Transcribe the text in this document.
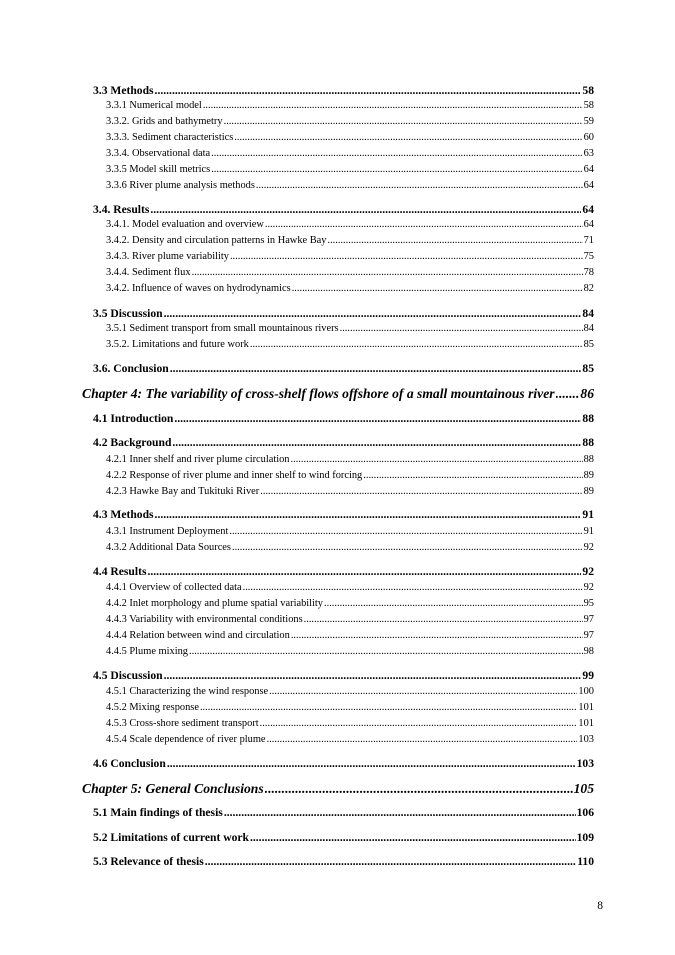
3.3 Methods .....	58
3.3.1 Numerical model .....	58
3.3.2. Grids and bathymetry .....	59
3.3.3. Sediment characteristics .....	60
3.3.4. Observational data .....	63
3.3.5 Model skill metrics .....	64
3.3.6 River plume analysis methods .....	64
3.4. Results .....	64
3.4.1. Model evaluation and overview .....	64
3.4.2. Density and circulation patterns in Hawke Bay .....	71
3.4.3. River plume variability .....	75
3.4.4. Sediment flux .....	78
3.4.2. Influence of waves on hydrodynamics .....	82
3.5 Discussion .....	84
3.5.1 Sediment transport from small mountainous rivers .....	84
3.5.2. Limitations and future work .....	85
3.6. Conclusion .....	85
Chapter 4: The variability of cross-shelf flows offshore of a small mountainous river ..... 86
4.1 Introduction .....	88
4.2 Background .....	88
4.2.1 Inner shelf and river plume circulation .....	88
4.2.2 Response of river plume and inner shelf to wind forcing .....	89
4.2.3 Hawke Bay and Tukituki River .....	89
4.3 Methods .....	91
4.3.1 Instrument Deployment .....	91
4.3.2 Additional Data Sources .....	92
4.4 Results .....	92
4.4.1 Overview of collected data .....	92
4.4.2 Inlet morphology and plume spatial variability .....	95
4.4.3 Variability with environmental conditions .....	97
4.4.4 Relation between wind and circulation .....	97
4.4.5 Plume mixing .....	98
4.5 Discussion .....	99
4.5.1 Characterizing the wind response .....	100
4.5.2 Mixing response .....	101
4.5.3 Cross-shore sediment transport .....	101
4.5.4 Scale dependence of river plume .....	103
4.6 Conclusion .....	103
Chapter 5: General Conclusions .....	105
5.1 Main findings of thesis .....	106
5.2 Limitations of current work .....	109
5.3 Relevance of thesis .....	110
8
